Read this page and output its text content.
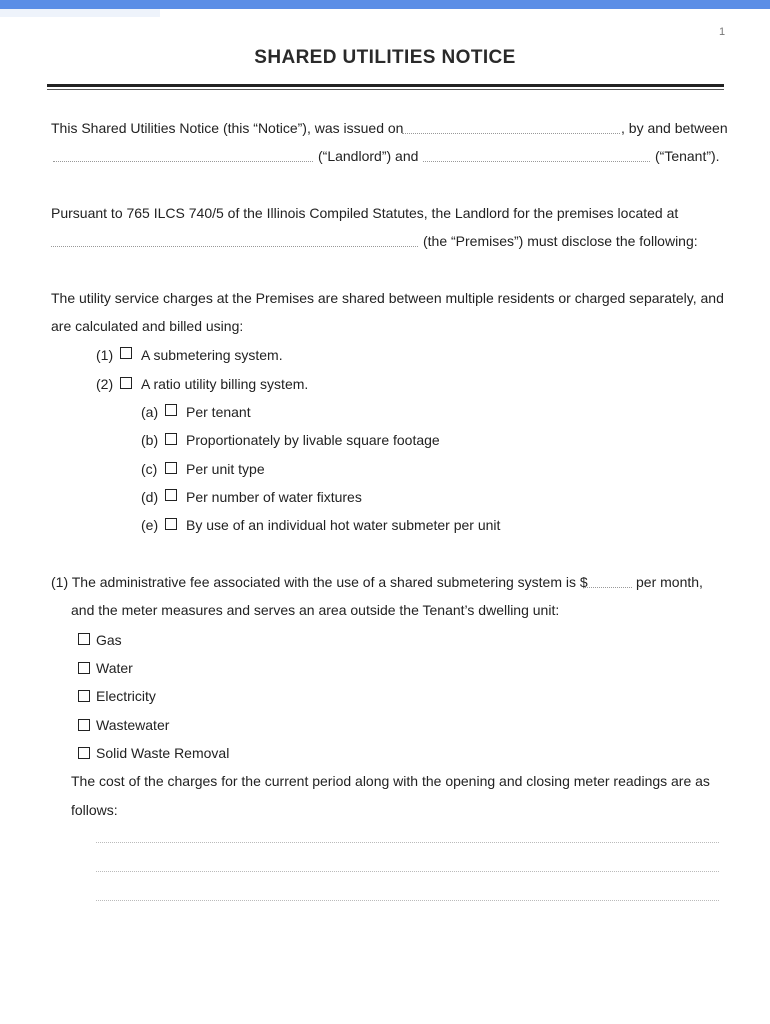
1
SHARED UTILITIES NOTICE
This Shared Utilities Notice (this “Notice”), was issued on	, by and between
(“Landlord”) and	(“Tenant”).
Pursuant to 765 ILCS 740/5 of the Illinois Compiled Statutes, the Landlord for the premises located at
(the “Premises”) must disclose the following:
The utility service charges at the Premises are shared between multiple residents or charged separately, and
are calculated and billed using:
(1) A submetering system.
(2) A ratio utility billing system.
(a) Per tenant
(b) Proportionately by livable square footage
(c) Per unit type
(d) Per number of water fixtures
(e) By use of an individual hot water submeter per unit
(1) The administrative fee associated with the use of a shared submetering system is $	per month,
and the meter measures and serves an area outside the Tenant’s dwelling unit:
Gas
Water
Electricity
Wastewater
Solid Waste Removal
The cost of the charges for the current period along with the opening and closing meter readings are as
follows:
